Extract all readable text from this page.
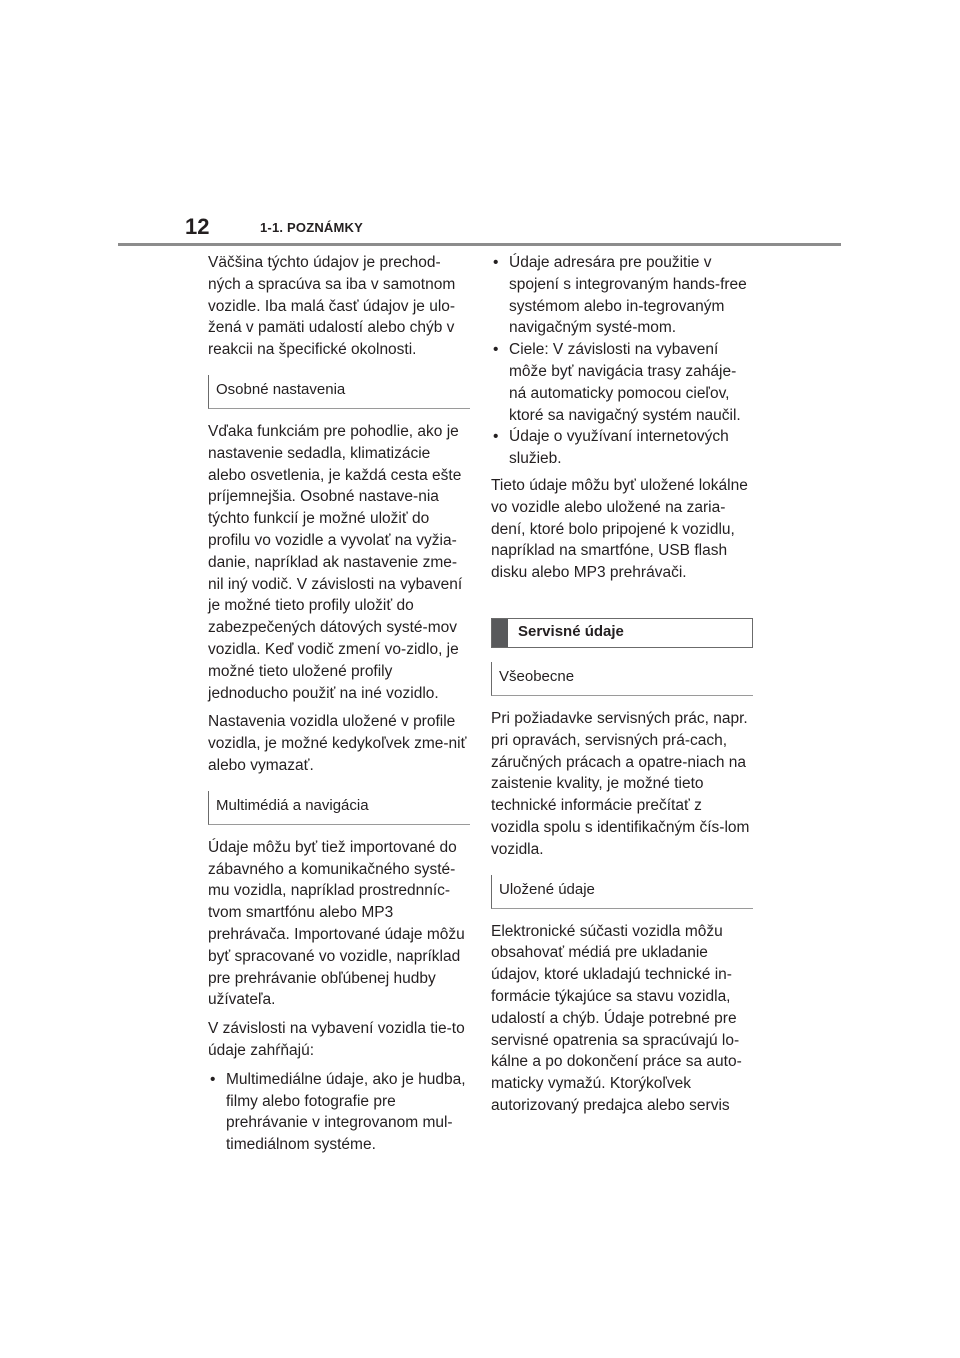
12	1-1. POZNÁMKY

Väčšina týchto údajov je prechod-ných a spracúva sa iba v samotnom vozidle. Iba malá časť údajov je ulo-žená v pamäti udalostí alebo chýb v reakcii na špecifické okolnosti.

Osobné nastavenia

Vďaka funkciám pre pohodlie, ako je nastavenie sedadla, klimatizácie alebo osvetlenia, je každá cesta ešte príjemnejšia. Osobné nastave-nia týchto funkcií je možné uložiť do profilu vo vozidle a vyvolať na vyžia-danie, napríklad ak nastavenie zme-nil iný vodič. V závislosti na vybavení je možné tieto profily uložiť do zabezpečených dátových systé-mov vozidla. Keď vodič zmení vo-zidlo, je možné tieto uložené profily jednoducho použiť na iné vozidlo.

Nastavenia vozidla uložené v profile vozidla, je možné kedykoľvek zme-niť alebo vymazať.

Multimédiá a navigácia

Údaje môžu byť tiež importované do zábavného a komunikačného systé-mu vozidla, napríklad prostrednníc-tvom smartfónu alebo MP3 prehrávača. Importované údaje môžu byť spracované vo vozidle, napríklad pre prehrávanie obľúbenej hudby užívateľa.

V závislosti na vybavení vozidla tie-to údaje zahŕňajú:

• Multimediálne údaje, ako je hudba, filmy alebo fotografie pre prehrávanie v integrovanom mul-timediálnom systéme.
• Údaje adresára pre použitie v spojení s integrovaným hands-free systémom alebo in-tegrovaným navigačným systé-mom.
• Ciele: V závislosti na vybavení môže byť navigácia trasy zahájе-ná automaticky pomocou cieľov, ktoré sa navigačný systém naučil.
• Údaje o využívaní internetových služieb.

Tieto údaje môžu byť uložené lokálne vo vozidle alebo uložené na zaria-dení, ktoré bolo pripojené k vozidlu, napríklad na smartfóne, USB flash disku alebo MP3 prehrávači.

Servisné údaje
Všeobecne

Pri požiadavke servisných prác, napr. pri opravách, servisných prá-cach, záručných prácach a opatre-niach na zaistenie kvality, je možné tieto technické informácie prečítať z vozidla spolu s identifikačným čís-lom vozidla.

Uložené údaje

Elektronické súčasti vozidla môžu obsahovať médiá pre ukladanie údajov, ktoré ukladajú technické in-formácie týkajúce sa stavu vozidla, udalostí a chýb. Údaje potrebné pre servisné opatrenia sa spracúvajú lo-kálne a po dokončení práce sa auto-maticky vymažú. Ktorýkoľvek autorizovaný predajca alebo servis
